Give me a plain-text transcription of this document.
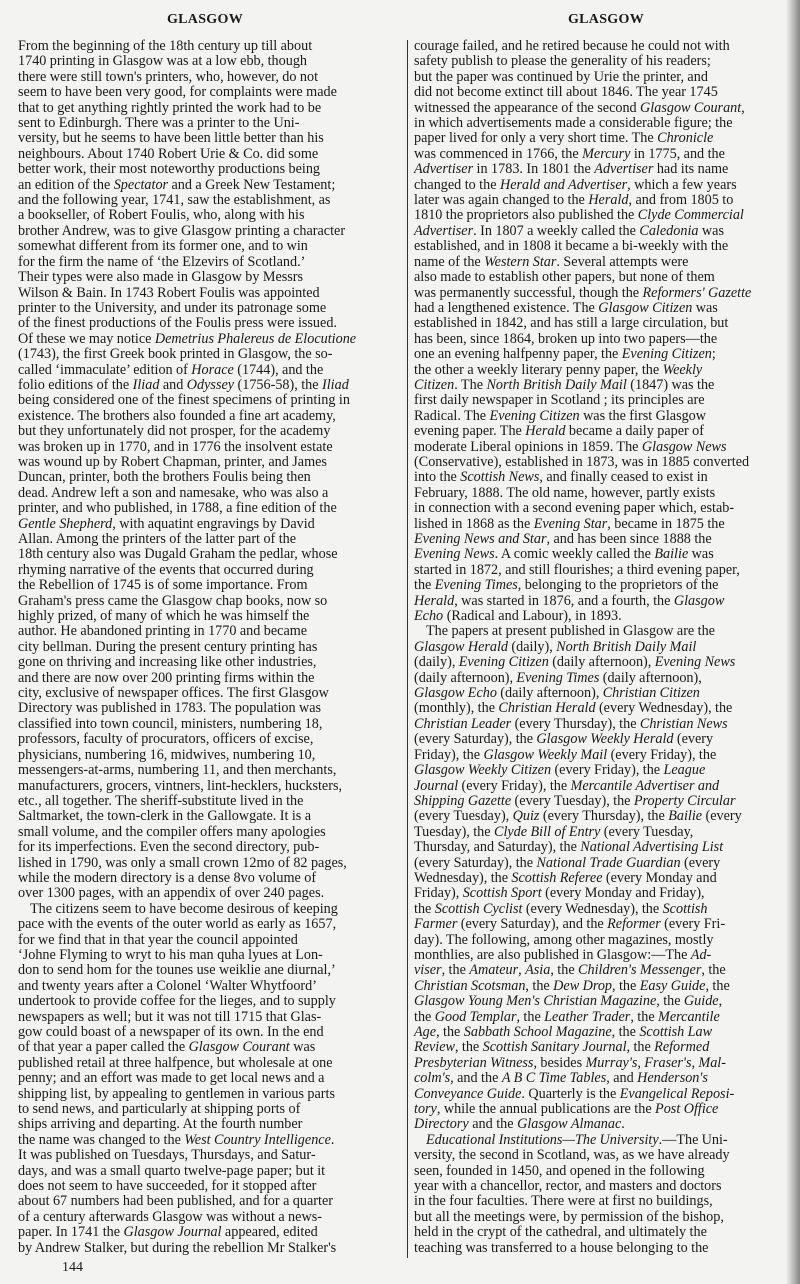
GLASGOW	GLASGOW
From the beginning of the 18th century up till about
1740 printing in Glasgow was at a low ebb, though
there were still town's printers, who, however, do not
seem to have been very good, for complaints were made
that to get anything rightly printed the work had to be
sent to Edinburgh. There was a printer to the Uni-
versity, but he seems to have been little better than his
neighbours. About 1740 Robert Urie & Co. did some
better work, their most noteworthy productions being
an edition of the Spectator and a Greek New Testament;
and the following year, 1741, saw the establishment, as
a bookseller, of Robert Foulis, who, along with his
brother Andrew, was to give Glasgow printing a character
somewhat different from its former one, and to win
for the firm the name of ‘the Elzevirs of Scotland.’
Their types were also made in Glasgow by Messrs
Wilson & Bain. In 1743 Robert Foulis was appointed
printer to the University, and under its patronage some
of the finest productions of the Foulis press were issued.
Of these we may notice Demetrius Phalereus de Elocutione
(1743), the first Greek book printed in Glasgow, the so-
called ‘immaculate’ edition of Horace (1744), and the
folio editions of the Iliad and Odyssey (1756-58), the Iliad
being considered one of the finest specimens of printing in
existence. The brothers also founded a fine art academy,
but they unfortunately did not prosper, for the academy
was broken up in 1770, and in 1776 the insolvent estate
was wound up by Robert Chapman, printer, and James
Duncan, printer, both the brothers Foulis being then
dead. Andrew left a son and namesake, who was also a
printer, and who published, in 1788, a fine edition of the
Gentle Shepherd, with aquatint engravings by David
Allan. Among the printers of the latter part of the
18th century also was Dugald Graham the pedlar, whose
rhyming narrative of the events that occurred during
the Rebellion of 1745 is of some importance. From
Graham's press came the Glasgow chap books, now so
highly prized, of many of which he was himself the
author. He abandoned printing in 1770 and became
city bellman. During the present century printing has
gone on thriving and increasing like other industries,
and there are now over 200 printing firms within the
city, exclusive of newspaper offices. The first Glasgow
Directory was published in 1783. The population was
classified into town council, ministers, numbering 18,
professors, faculty of procurators, officers of excise,
physicians, numbering 16, midwives, numbering 10,
messengers-at-arms, numbering 11, and then merchants,
manufacturers, grocers, vintners, lint-hecklers, hucksters,
etc., all together. The sheriff-substitute lived in the
Saltmarket, the town-clerk in the Gallowgate. It is a
small volume, and the compiler offers many apologies
for its imperfections. Even the second directory, pub-
lished in 1790, was only a small crown 12mo of 82 pages,
while the modern directory is a dense 8vo volume of
over 1300 pages, with an appendix of over 240 pages.
The citizens seem to have become desirous of keeping
pace with the events of the outer world as early as 1657,
for we find that in that year the council appointed
‘Johne Flyming to wryt to his man quha lyues at Lon-
don to send hom for the tounes use weiklie ane diurnal,’
and twenty years after a Colonel ‘Walter Whytfoord’
undertook to provide coffee for the lieges, and to supply
newspapers as well; but it was not till 1715 that Glas-
gow could boast of a newspaper of its own. In the end
of that year a paper called the Glasgow Courant was
published retail at three halfpence, but wholesale at one
penny; and an effort was made to get local news and a
shipping list, by appealing to gentlemen in various parts
to send news, and particularly at shipping ports of
ships arriving and departing. At the fourth number
the name was changed to the West Country Intelligence.
It was published on Tuesdays, Thursdays, and Satur-
days, and was a small quarto twelve-page paper; but it
does not seem to have succeeded, for it stopped after
about 67 numbers had been published, and for a quarter
of a century afterwards Glasgow was without a news-
paper. In 1741 the Glasgow Journal appeared, edited
by Andrew Stalker, but during the rebellion Mr Stalker's
courage failed, and he retired because he could not with
safety publish to please the generality of his readers;
but the paper was continued by Urie the printer, and
did not become extinct till about 1846. The year 1745
witnessed the appearance of the second Glasgow Courant,
in which advertisements made a considerable figure; the
paper lived for only a very short time. The Chronicle
was commenced in 1766, the Mercury in 1775, and the
Advertiser in 1783. In 1801 the Advertiser had its name
changed to the Herald and Advertiser, which a few years
later was again changed to the Herald, and from 1805 to
1810 the proprietors also published the Clyde Commercial
Advertiser. In 1807 a weekly called the Caledonia was
established, and in 1808 it became a bi-weekly with the
name of the Western Star. Several attempts were
also made to establish other papers, but none of them
was permanently successful, though the Reformers' Gazette
had a lengthened existence. The Glasgow Citizen was
established in 1842, and has still a large circulation, but
has been, since 1864, broken up into two papers—the
one an evening halfpenny paper, the Evening Citizen;
the other a weekly literary penny paper, the Weekly
Citizen. The North British Daily Mail (1847) was the
first daily newspaper in Scotland ; its principles are
Radical. The Evening Citizen was the first Glasgow
evening paper. The Herald became a daily paper of
moderate Liberal opinions in 1859. The Glasgow News
(Conservative), established in 1873, was in 1885 converted
into the Scottish News, and finally ceased to exist in
February, 1888. The old name, however, partly exists
in connection with a second evening paper which, estab-
lished in 1868 as the Evening Star, became in 1875 the
Evening News and Star, and has been since 1888 the
Evening News. A comic weekly called the Bailie was
started in 1872, and still flourishes; a third evening paper,
the Evening Times, belonging to the proprietors of the
Herald, was started in 1876, and a fourth, the Glasgow
Echo (Radical and Labour), in 1893.
The papers at present published in Glasgow are the
Glasgow Herald (daily), North British Daily Mail
(daily), Evening Citizen (daily afternoon), Evening News
(daily afternoon), Evening Times (daily afternoon),
Glasgow Echo (daily afternoon), Christian Citizen
(monthly), the Christian Herald (every Wednesday), the
Christian Leader (every Thursday), the Christian News
(every Saturday), the Glasgow Weekly Herald (every
Friday), the Glasgow Weekly Mail (every Friday), the
Glasgow Weekly Citizen (every Friday), the League
Journal (every Friday), the Mercantile Advertiser and
Shipping Gazette (every Tuesday), the Property Circular
(every Tuesday), Quiz (every Thursday), the Bailie (every
Tuesday), the Clyde Bill of Entry (every Tuesday,
Thursday, and Saturday), the National Advertising List
(every Saturday), the National Trade Guardian (every
Wednesday), the Scottish Referee (every Monday and
Friday), Scottish Sport (every Monday and Friday),
the Scottish Cyclist (every Wednesday), the Scottish
Farmer (every Saturday), and the Reformer (every Fri-
day). The following, among other magazines, mostly
monthlies, are also published in Glasgow:—The Ad-
viser, the Amateur, Asia, the Children's Messenger, the
Christian Scotsman, the Dew Drop, the Easy Guide, the
Glasgow Young Men's Christian Magazine, the Guide,
the Good Templar, the Leather Trader, the Mercantile
Age, the Sabbath School Magazine, the Scottish Law
Review, the Scottish Sanitary Journal, the Reformed
Presbyterian Witness, besides Murray's, Fraser's, Mal-
colm's, and the A B C Time Tables, and Henderson's
Conveyance Guide. Quarterly is the Evangelical Reposi-
tory, while the annual publications are the Post Office
Directory and the Glasgow Almanac.
Educational Institutions—The University.—The Uni-
versity, the second in Scotland, was, as we have already
seen, founded in 1450, and opened in the following
year with a chancellor, rector, and masters and doctors
in the four faculties. There were at first no buildings,
but all the meetings were, by permission of the bishop,
held in the crypt of the cathedral, and ultimately the
teaching was transferred to a house belonging to the
144
